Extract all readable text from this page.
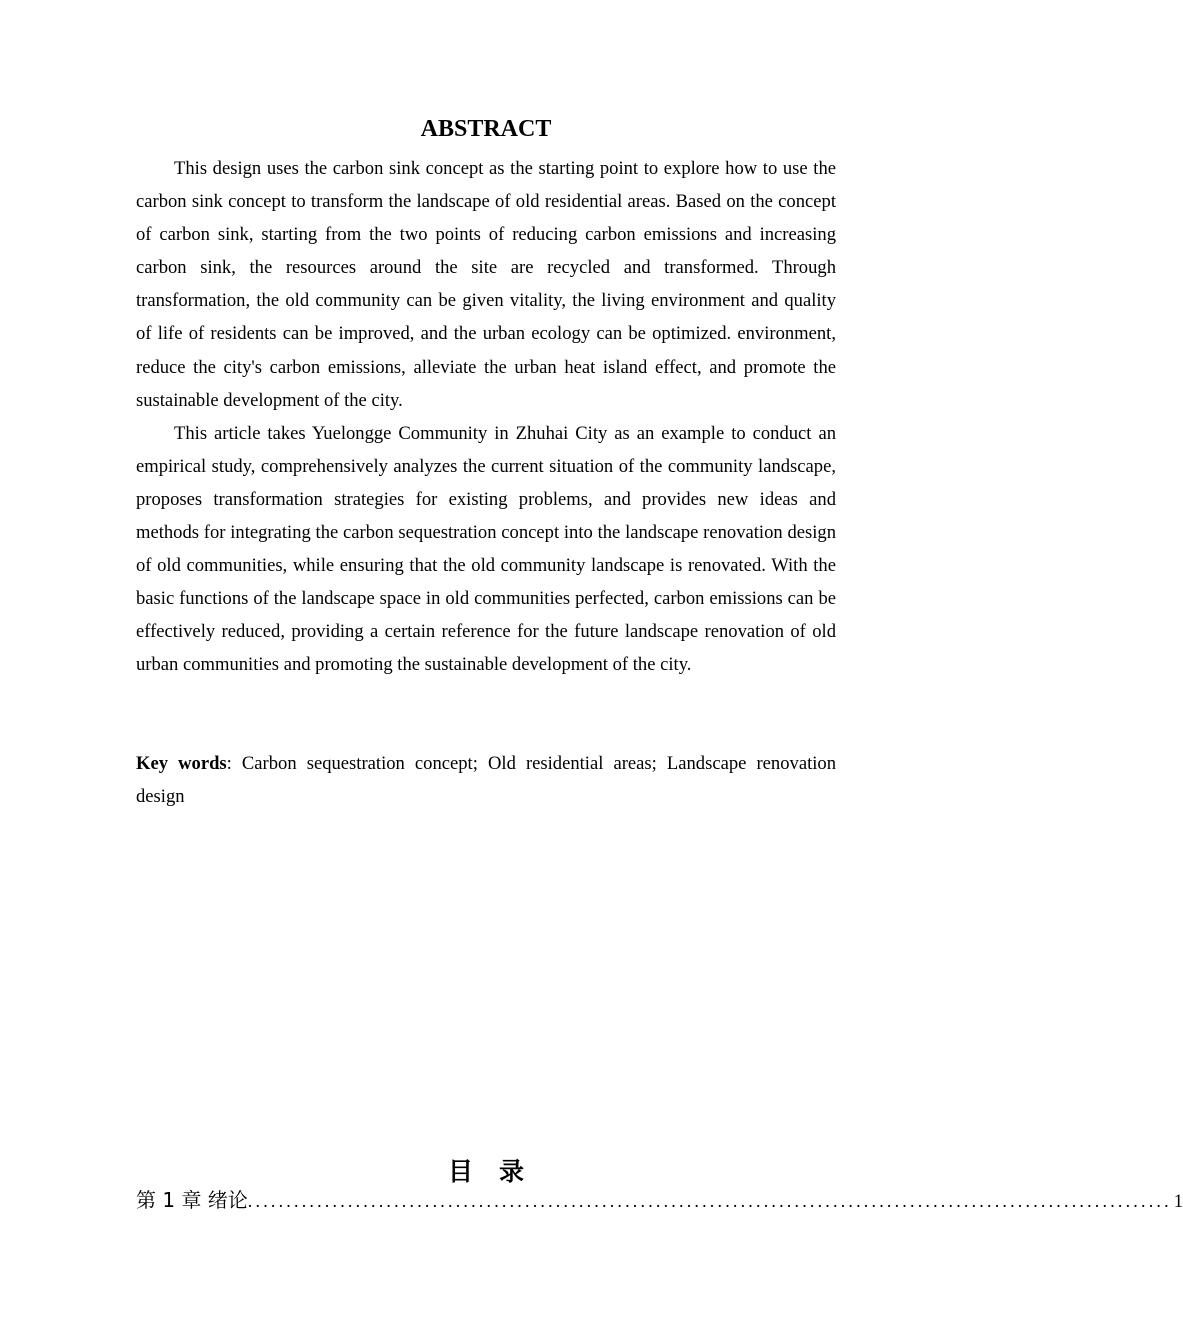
ABSTRACT

This design uses the carbon sink concept as the starting point to explore how to use the carbon sink concept to transform the landscape of old residential areas. Based on the concept of carbon sink, starting from the two points of reducing carbon emissions and increasing carbon sink, the resources around the site are recycled and transformed. Through transformation, the old community can be given vitality, the living environment and quality of life of residents can be improved, and the urban ecology can be optimized. environment, reduce the city's carbon emissions, alleviate the urban heat island effect, and promote the sustainable development of the city.

This article takes Yuelongge Community in Zhuhai City as an example to conduct an empirical study, comprehensively analyzes the current situation of the community landscape, proposes transformation strategies for existing problems, and provides new ideas and methods for integrating the carbon sequestration concept into the landscape renovation design of old communities, while ensuring that the old community landscape is renovated. With the basic functions of the landscape space in old communities perfected, carbon emissions can be effectively reduced, providing a certain reference for the future landscape renovation of old urban communities and promoting the sustainable development of the city.

Key words: Carbon sequestration concept; Old residential areas; Landscape renovation design

目录
第 1 章 绪论 ........................................................................................................................ 1
